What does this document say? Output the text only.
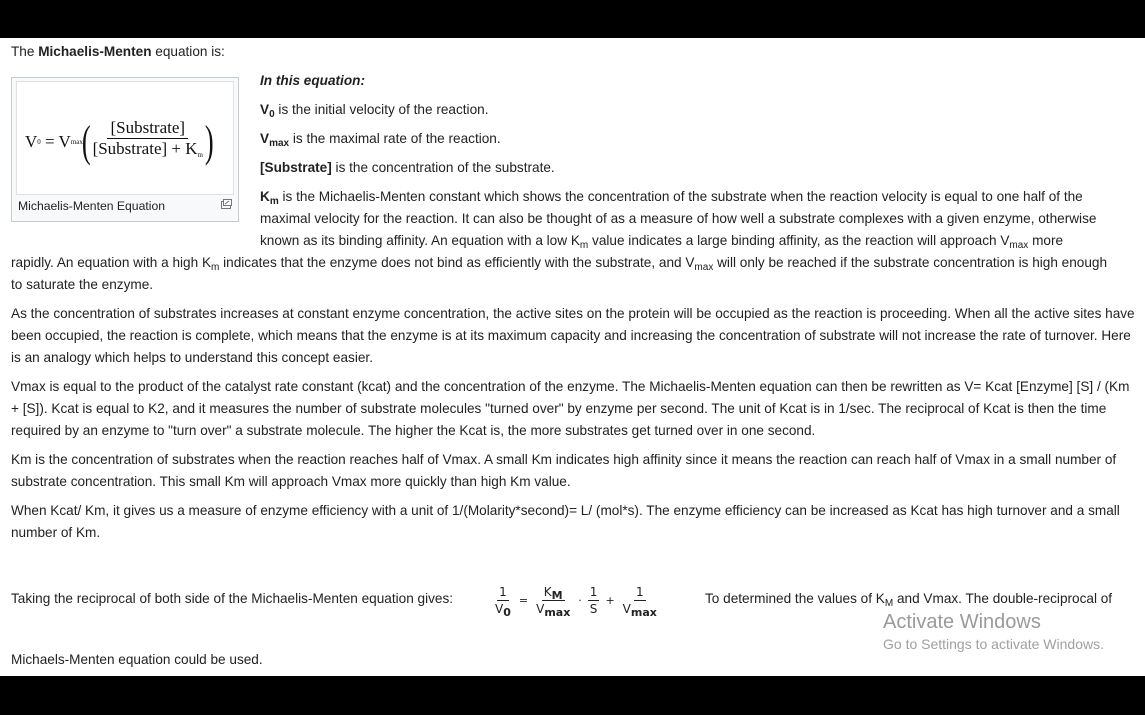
The Michaelis-Menten equation is:

V 0 = V max
( $\frac{\text{[Substrate]}}{\text{[Substrate] + Km}}$ )
Michaelis-Menten Equation

In this equation:

$V_0$ is the initial velocity of the reaction.

$V_{max}$ is the maximal rate of the reaction.

[Substrate] is the concentration of the substrate.

$K_m$ is the Michaelis-Menten constant which shows the concentration of the substrate when the reaction velocity is equal to one half of the maximal velocity for the reaction. It can also be thought of as a measure of how well a substrate complexes with a given enzyme, otherwise known as its binding affinity. An equation with a low $K_m$ value indicates a large binding affinity, as the reaction will approach $V_{max}$ more

rapidly. An equation with a high $K_m$ indicates that the enzyme does not bind as efficiently with the substrate, and $V_{max}$ will only be reached if the substrate concentration is high enough to saturate the enzyme.

As the concentration of substrates increases at constant enzyme concentration, the active sites on the protein will be occupied as the reaction is proceeding. When all the active sites have been occupied, the reaction is complete, which means that the enzyme is at its maximum capacity and increasing the concentration of substrate will not increase the rate of turnover. Here is an analogy which helps to understand this concept easier.

Vmax is equal to the product of the catalyst rate constant (kcat) and the concentration of the enzyme. The Michaelis-Menten equation can then be rewritten as V= Kcat [Enzyme] [S] / (Km + [S]). Kcat is equal to K2, and it measures the number of substrate molecules "turned over" by enzyme per second. The unit of Kcat is in 1/sec. The reciprocal of Kcat is then the time required by an enzyme to "turn over" a substrate molecule. The higher the Kcat is, the more substrates get turned over in one second.

Km is the concentration of substrates when the reaction reaches half of Vmax. A small Km indicates high affinity since it means the reaction can reach half of Vmax in a small number of substrate concentration. This small Km will approach Vmax more quickly than high Km value.

When Kcat/ Km, it gives us a measure of enzyme efficiency with a unit of 1/(Molarity*second)= L/ (mol*s). The enzyme efficiency can be increased as Kcat has high turnover and a small number of Km.

Taking the reciprocal of both side of the Michaelis-Menten equation gives:	$\frac{1}{V_0}$ =
$K_M$
$V_{max}$
·
1
S
+
1
$V_{max}$

To determined the values of $K_M$ and Vmax. The double-reciprocal of

Michaels-Menten equation could be used.

Activate Windows
Go to Settings to activate Windows.
